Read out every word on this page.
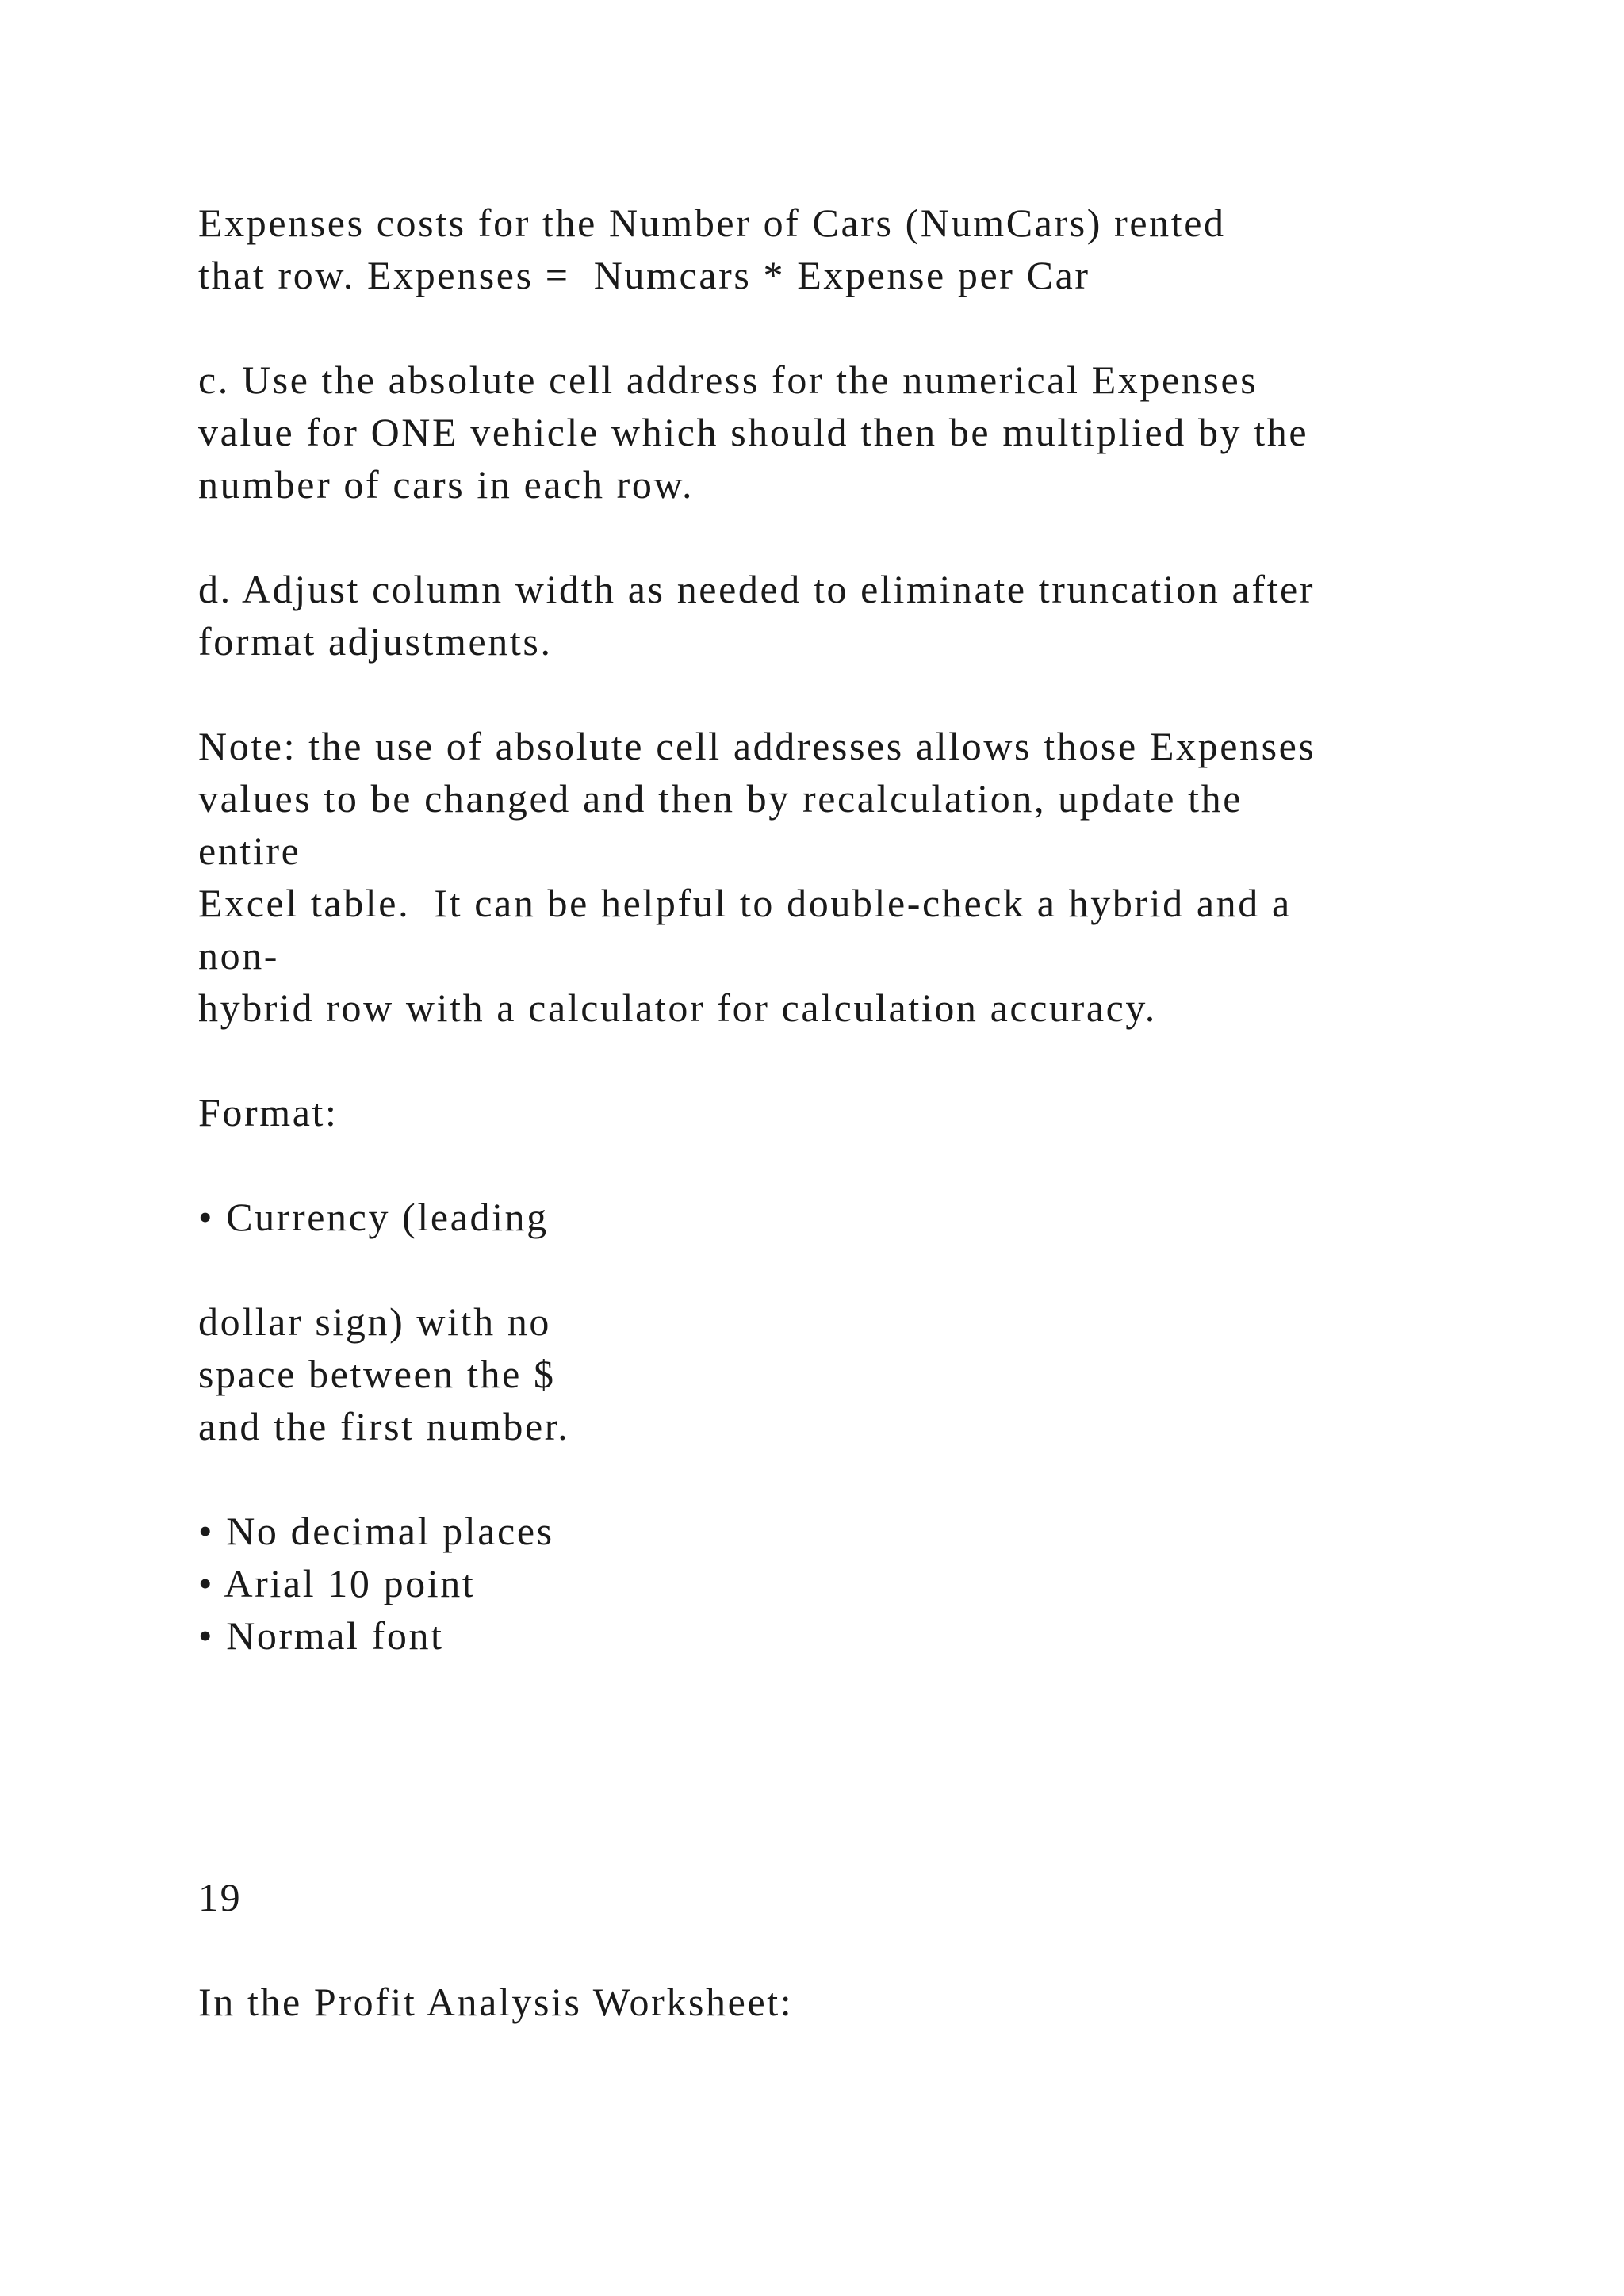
Expenses costs for the Number of Cars (NumCars) rented

that row. Expenses =  Numcars * Expense per Car

c. Use the absolute cell address for the numerical Expenses

value for ONE vehicle which should then be multiplied by the

number of cars in each row.

d. Adjust column width as needed to eliminate truncation after

format adjustments.

Note: the use of absolute cell addresses allows those Expenses

values to be changed and then by recalculation, update the

entire

Excel table.  It can be helpful to double-check a hybrid and a

non-

hybrid row with a calculator for calculation accuracy.

Format:

• Currency (leading

dollar sign) with no

space between the $

and the first number.

• No decimal places

• Arial 10 point

• Normal font

19

In the Profit Analysis Worksheet:
